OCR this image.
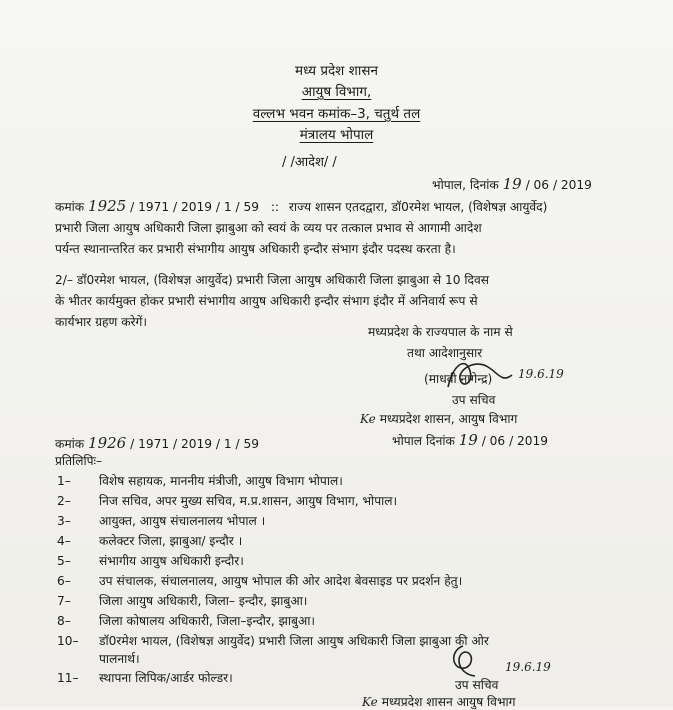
मध्य प्रदेश शासन
आयुष विभाग,
वल्लभ भवन कमांक–3, चतुर्थ तल
मंत्रालय भोपाल
/ /आदेश/ /
भोपाल, दिनांक 19 / 06 / 2019
कमांक 1925 / 1971 / 2019 / 1 / 59 :: राज्य शासन एतदद्वारा, डॉ0रमेश भायल, (विशेषज्ञ आयुर्वेद)
प्रभारी जिला आयुष अधिकारी जिला झाबुआ को स्वयं के व्यय पर तत्काल प्रभाव से आगामी आदेश
पर्यन्त स्थानान्तरित कर प्रभारी संभागीय आयुष अधिकारी इन्दौर संभाग इंदौर पदस्थ करता है।
2/– डॉ0रमेश भायल, (विशेषज्ञ आयुर्वेद) प्रभारी जिला आयुष अधिकारी जिला झाबुआ से 10 दिवस
के भीतर कार्यमुक्त होकर प्रभारी संभागीय आयुष अधिकारी इन्दौर संभाग इंदौर में अनिवार्य रूप से
कार्यभार ग्रहण करेगें।
मध्यप्रदेश के राज्यपाल के नाम से
तथा आदेशानुसार
(माधवी नागेन्द्र) 19.6.19
उप सचिव
Ke मध्यप्रदेश शासन, आयुष विभाग
कमांक 1926 / 1971 / 2019 / 1 / 59	भोपाल दिनांक 19 / 06 / 2019
प्रतिलिपिः–
1– विशेष सहायक, माननीय मंत्रीजी, आयुष विभाग भोपाल।
2– निज सचिव, अपर मुख्य सचिव, म.प्र.शासन, आयुष विभाग, भोपाल।
3– आयुक्त, आयुष संचालनालय भोपाल ।
4– कलेक्टर जिला, झाबुआ/ इन्दौर ।
5– संभागीय आयुष अधिकारी इन्दौर।
6– उप संचालक, संचालनालय, आयुष भोपाल की ओर आदेश बेवसाइड पर प्रदर्शन हेतु।
7– जिला आयुष अधिकारी, जिला– इन्दौर, झाबुआ।
8– जिला कोषालय अधिकारी, जिला–इन्दौर, झाबुआ।
10– डॉ0रमेश भायल, (विशेषज्ञ आयुर्वेद) प्रभारी जिला आयुष अधिकारी जिला झाबुआ की ओर
पालनार्थ।
11– स्थापना लिपिक/आर्डर फोल्डर।	उप सचिव
19.6.19
Ke मध्यप्रदेश शासन आयुष विभाग
